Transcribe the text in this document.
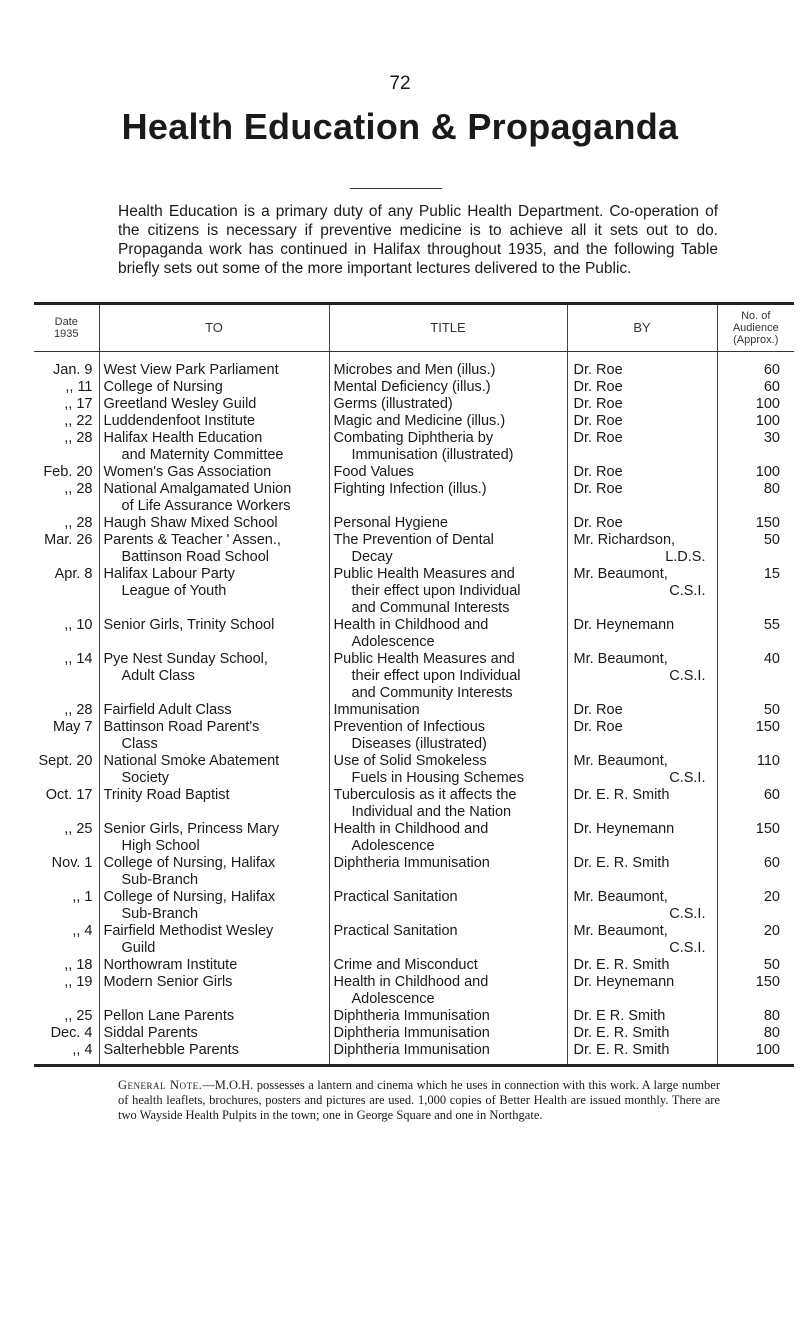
72
Health Education & Propaganda
Health Education is a primary duty of any Public Health Department. Co-operation of the citizens is necessary if preventive medicine is to achieve all it sets out to do. Propaganda work has continued in Halifax throughout 1935, and the following Table briefly sets out some of the more important lectures delivered to the Public.
Date
1935	TO	TITLE	BY	No. of
Audience
(Approx.)

Jan. 9	West View Park Parliament	Microbes and Men (illus.)	Dr. Roe	60

,, 11	College of Nursing	Mental Deficiency (illus.)	Dr. Roe	60

,, 17	Greetland Wesley Guild	Germs (illustrated)	Dr. Roe	100

,, 22	Luddendenfoot Institute	Magic and Medicine (illus.)	Dr. Roe	100

,, 28	Halifax Health Education
and Maternity Committee	Combating Diphtheria by
Immunisation (illustrated)	Dr. Roe	30

Feb. 20	Women's Gas Association	Food Values	Dr. Roe	100

,, 28	National Amalgamated Union
of Life Assurance Workers	Fighting Infection (illus.)	Dr. Roe	80

,, 28	Haugh Shaw Mixed School	Personal Hygiene	Dr. Roe	150

Mar. 26	Parents & Teacher ' Assen.,
Battinson Road School	The Prevention of Dental
Decay	Mr. Richardson,
L.D.S.	50

Apr. 8	Halifax Labour Party
League of Youth	Public Health Measures and
their effect upon Individual
and Communal Interests	Mr. Beaumont,
C.S.I.	15

,, 10	Senior Girls, Trinity School	Health in Childhood and
Adolescence	Dr. Heynemann	55

,, 14	Pye Nest Sunday School,
Adult Class	Public Health Measures and
their effect upon Individual
and Community Interests	Mr. Beaumont,
C.S.I.	40

,, 28	Fairfield Adult Class	Immunisation	Dr. Roe	50

May 7	Battinson Road Parent's
Class	Prevention of Infectious
Diseases (illustrated)	Dr. Roe	150

Sept. 20	National Smoke Abatement
Society	Use of Solid Smokeless
Fuels in Housing Schemes	Mr. Beaumont,
C.S.I.	110

Oct. 17	Trinity Road Baptist	Tuberculosis as it affects the
Individual and the Nation	Dr. E. R. Smith	60

,, 25	Senior Girls, Princess Mary
High School	Health in Childhood and
Adolescence	Dr. Heynemann	150

Nov. 1	College of Nursing, Halifax
Sub-Branch	Diphtheria Immunisation	Dr. E. R. Smith	60

,, 1	College of Nursing, Halifax
Sub-Branch	Practical Sanitation	Mr. Beaumont,
C.S.I.	20

,, 4	Fairfield Methodist Wesley
Guild	Practical Sanitation	Mr. Beaumont,
C.S.I.	20

,, 18	Northowram Institute	Crime and Misconduct	Dr. E. R. Smith	50

,, 19	Modern Senior Girls	Health in Childhood and
Adolescence	Dr. Heynemann	150

,, 25	Pellon Lane Parents	Diphtheria Immunisation	Dr. E R. Smith	80

Dec. 4	Siddal Parents	Diphtheria Immunisation	Dr. E. R. Smith	80

,, 4	Salterhebble Parents	Diphtheria Immunisation	Dr. E. R. Smith	100
General Note.—M.O.H. possesses a lantern and cinema which he uses in connection with this work. A large number of health leaflets, brochures, posters and pictures are used. 1,000 copies of Better Health are issued monthly. There are two Wayside Health Pulpits in the town; one in George Square and one in Northgate.
